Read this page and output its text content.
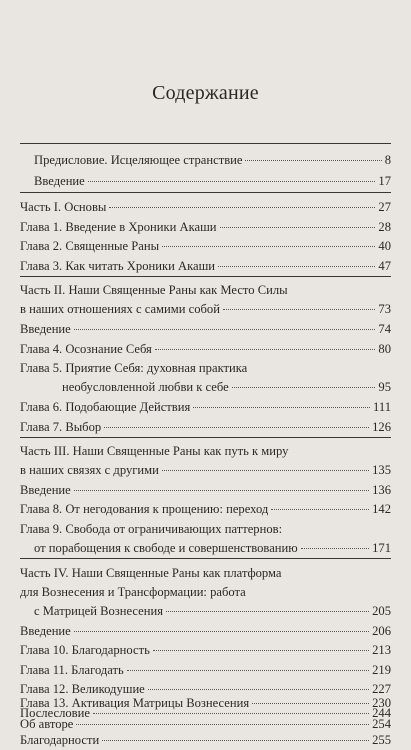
Содержание
Предисловие. Исцеляющее странствие	8
Введение	17
Часть I. Основы	27
Глава 1. Введение в Хроники Акаши	28
Глава 2. Священные Раны	40
Глава 3. Как читать Хроники Акаши	47
Часть II. Наши Священные Раны как Место Силы
в наших отношениях с самими собой	73
Введение	74
Глава 4. Осознание Себя	80
Глава 5. Приятие Себя: духовная практика
необусловленной любви к себе	95
Глава 6. Подобающие Действия	111
Глава 7. Выбор	126
Часть III. Наши Священные Раны как путь к миру
в наших связях с другими	135
Введение	136
Глава 8. От негодования к прощению: переход	142
Глава 9. Свобода от ограничивающих паттернов:
от порабощения к свободе и совершенствованию	171
Часть IV. Наши Священные Раны как платформа
для Вознесения и Трансформации: работа
с Матрицей Вознесения	205
Введение	206
Глава 10. Благодарность	213
Глава 11. Благодать	219
Глава 12. Великодушие	227
Глава 13. Активация Матрицы Вознесения	230
Послесловие	244
Об авторе	254
Благодарности	255
